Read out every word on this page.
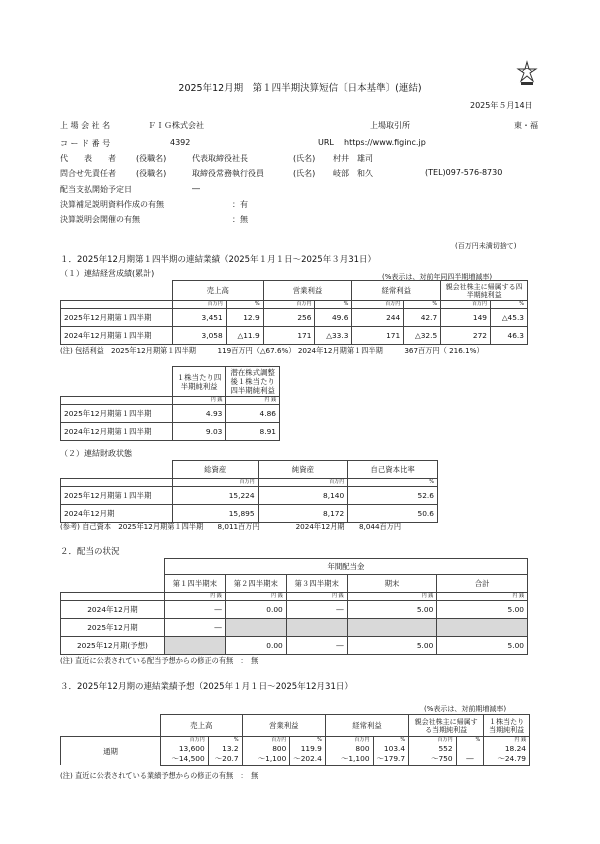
2025年12月期　第１四半期決算短信〔日本基準〕(連結)
2025年５月14日
上 場 会 社 名	ＦＩＧ株式会社	上場取引所	東・福
コ ー ド 番 号	4392	URL https://www.figinc.jp
代　　表　　者	(役職名)	代表取締役社長	(氏名) 村井　雄司
問合せ先責任者	(役職名)	取締役常務執行役員	(氏名) 岐部　和久	(TEL)097-576-8730
配当支払開始予定日	―
決算補足説明資料作成の有無	：有
決算説明会開催の有無	：無
(百万円未満切捨て)
１．2025年12月期第１四半期の連結業績（2025年１月１日～2025年３月31日）
（１）連結経営成績(累計)	(%表示は、対前年同四半期増減率)
	売上高		営業利益		経常利益		親会社株主に帰属する四半期純利益	
	百万円	%	百万円	%	百万円	%	百万円	%
2025年12月期第１四半期	3,451	12.9	256	49.6	244	42.7	149	△45.3
2024年12月期第１四半期	3,058	△11.9	171	△33.3	171	△32.5	272	46.3
(注) 包括利益　2025年12月期第１四半期　　　119百万円（△67.6%） 2024年12月期第１四半期　　　367百万円（ 216.1%）
	１株当たり四半期純利益	潜在株式調整後１株当たり四半期純利益
	円 銭	円 銭
2025年12月期第１四半期	4.93	4.86
2024年12月期第１四半期	9.03	8.91
（２）連結財政状態
	総資産	純資産	自己資本比率
	百万円	百万円	%
2025年12月期第１四半期	15,224	8,140	52.6
2024年12月期	15,895	8,172	50.6
(参考) 自己資本　2025年12月期第１四半期　　8,011百万円　　　　　2024年12月期　　8,044百万円
２．配当の状況
	年間配当金				
	第１四半期末	第２四半期末	第３四半期末	期末	合計
	円 銭	円 銭	円 銭	円 銭	円 銭
2024年12月期	―	0.00	―	5.00	5.00
2025年12月期	―				
2025年12月期(予想)		0.00	―	5.00	5.00
(注) 直近に公表されている配当予想からの修正の有無　：　無
３．2025年12月期の連結業績予想（2025年１月１日～2025年12月31日）
(%表示は、対前期増減率)
	売上高		営業利益		経常利益		親会社株主に帰属する当期純利益		１株当たり当期純利益
通期	百万円	%	百万円	%	百万円	%	百万円	%	円 銭
	13,600	13.2	800	119.9	800	103.4	552		18.24
	～14,500	～20.7	～1,100	～202.4	～1,100	～179.7	～750	―	～24.79
(注) 直近に公表されている業績予想からの修正の有無　：　無
